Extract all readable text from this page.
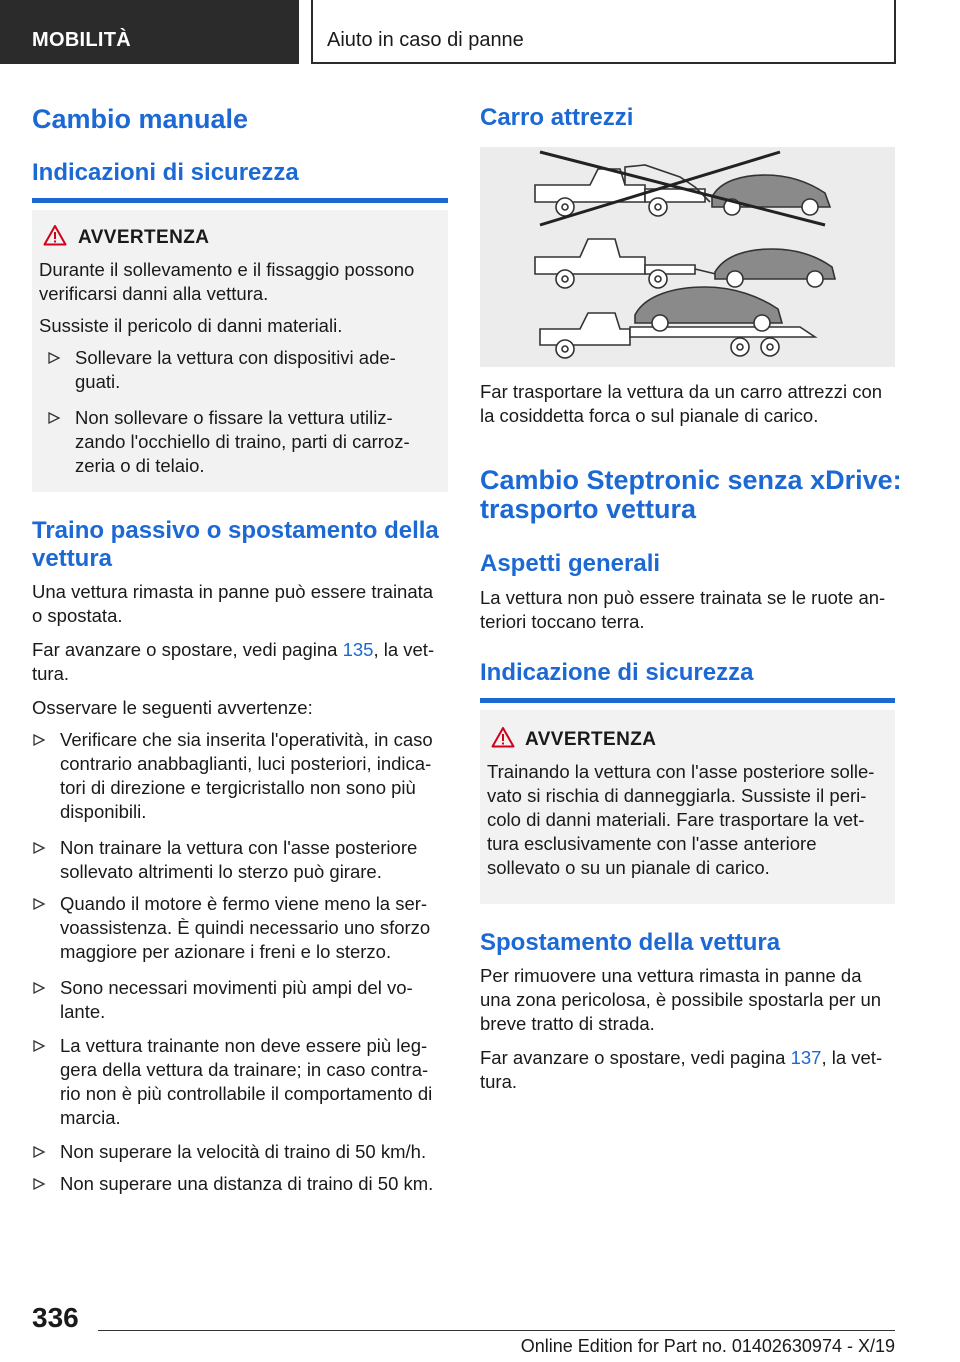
MOBILITÀ	Aiuto in caso di panne
Cambio manuale
Indicazioni di sicurezza
AVVERTENZA
Durante il sollevamento e il fissaggio possono
verificarsi danni alla vettura.
Sussiste il pericolo di danni materiali.
Sollevare la vettura con dispositivi ade-
guati.
Non sollevare o fissare la vettura utiliz-
zando l'occhiello di traino, parti di carroz-
zeria o di telaio.
Traino passivo o spostamento della
vettura
Una vettura rimasta in panne può essere trainata
o spostata.
Far avanzare o spostare, vedi pagina 135, la vet-
tura.
Osservare le seguenti avvertenze:
Verificare che sia inserita l'operatività, in caso
contrario anabbaglianti, luci posteriori, indica-
tori di direzione e tergicristallo non sono più
disponibili.
Non trainare la vettura con l'asse posteriore
sollevato altrimenti lo sterzo può girare.
Quando il motore è fermo viene meno la ser-
voassistenza. È quindi necessario uno sforzo
maggiore per azionare i freni e lo sterzo.
Sono necessari movimenti più ampi del vo-
lante.
La vettura trainante non deve essere più leg-
gera della vettura da trainare; in caso contra-
rio non è più controllabile il comportamento di
marcia.
Non superare la velocità di traino di 50 km/h.
Non superare una distanza di traino di 50 km.
Carro attrezzi
Far trasportare la vettura da un carro attrezzi con
la cosiddetta forca o sul pianale di carico.
Cambio Steptronic senza xDrive:
trasporto vettura
Aspetti generali
La vettura non può essere trainata se le ruote an-
teriori toccano terra.
Indicazione di sicurezza
AVVERTENZA
Trainando la vettura con l'asse posteriore solle-
vato si rischia di danneggiarla. Sussiste il peri-
colo di danni materiali. Fare trasportare la vet-
tura esclusivamente con l'asse anteriore
sollevato o su un pianale di carico.
Spostamento della vettura
Per rimuovere una vettura rimasta in panne da
una zona pericolosa, è possibile spostarla per un
breve tratto di strada.
Far avanzare o spostare, vedi pagina 137, la vet-
tura.
336
Online Edition for Part no. 01402630974 - X/19
